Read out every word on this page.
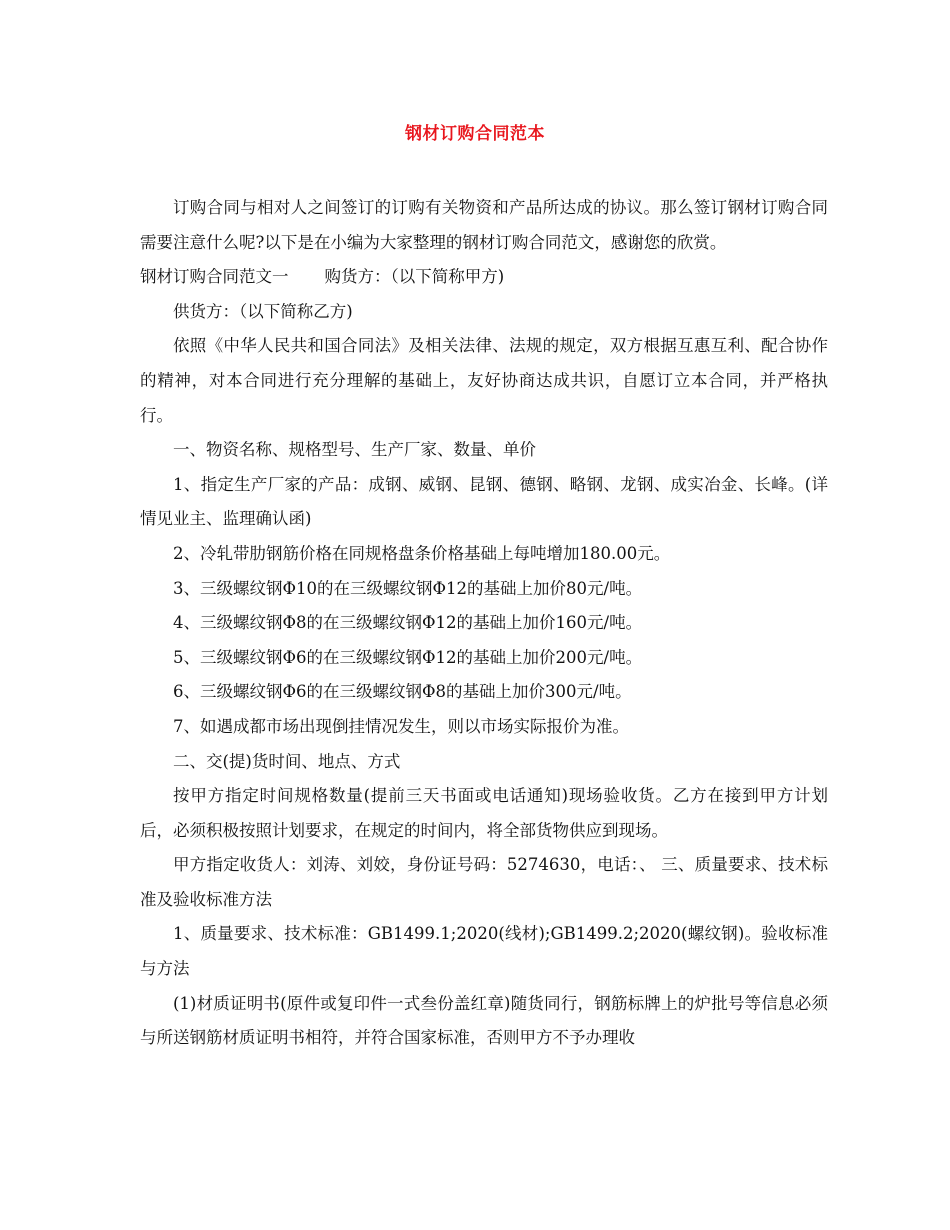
钢材订购合同范本

订购合同与相对人之间签订的订购有关物资和产品所达成的协议。那么签订钢材订购合同需要注意什么呢?以下是在小编为大家整理的钢材订购合同范文，感谢您的欣赏。

钢材订购合同范文一 购货方：（以下简称甲方)

供货方：（以下简称乙方)

依照《中华人民共和国合同法》及相关法律、法规的规定，双方根据互惠互利、配合协作的精神，对本合同进行充分理解的基础上，友好协商达成共识，自愿订立本合同，并严格执行。

一、物资名称、规格型号、生产厂家、数量、单价

1、指定生产厂家的产品：成钢、威钢、昆钢、德钢、略钢、龙钢、成实冶金、长峰。(详情见业主、监理确认函)

2、冷轧带肋钢筋价格在同规格盘条价格基础上每吨增加180.00元。

3、三级螺纹钢Φ10的在三级螺纹钢Φ12的基础上加价80元/吨。

4、三级螺纹钢Φ8的在三级螺纹钢Φ12的基础上加价160元/吨。

5、三级螺纹钢Φ6的在三级螺纹钢Φ12的基础上加价200元/吨。

6、三级螺纹钢Φ6的在三级螺纹钢Φ8的基础上加价300元/吨。

7、如遇成都市场出现倒挂情况发生，则以市场实际报价为准。

二、交(提)货时间、地点、方式

按甲方指定时间规格数量(提前三天书面或电话通知)现场验收货。乙方在接到甲方计划后，必须积极按照计划要求，在规定的时间内，将全部货物供应到现场。

甲方指定收货人：刘涛、刘姣，身份证号码：5274630，电话：、 三、质量要求、技术标准及验收标准方法

1、质量要求、技术标准：GB1499.1;2020(线材);GB1499.2;2020(螺纹钢)。验收标准与方法

(1)材质证明书(原件或复印件一式叁份盖红章)随货同行，钢筋标牌上的炉批号等信息必须与所送钢筋材质证明书相符，并符合国家标准，否则甲方不予办理收
